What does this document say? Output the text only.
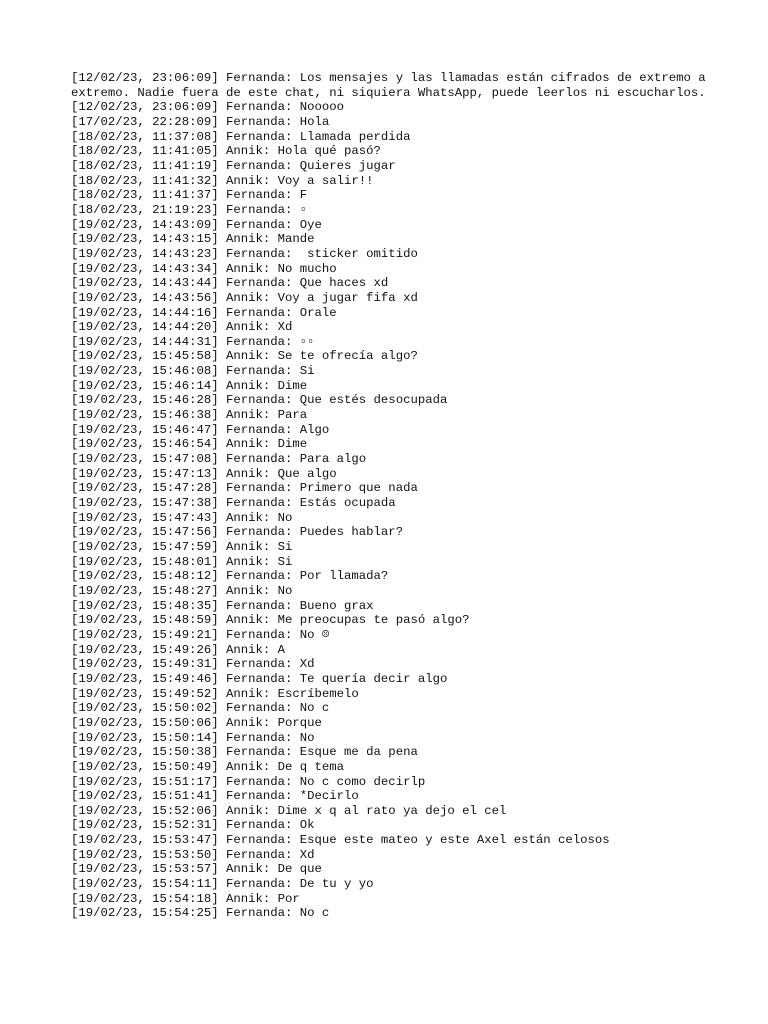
[12/02/23, 23:06:09] Fernanda: Los mensajes y las llamadas están cifrados de extremo a extremo. Nadie fuera de este chat, ni siquiera WhatsApp, puede leerlos ni escucharlos.
[12/02/23, 23:06:09] Fernanda: Nooooo
[17/02/23, 22:28:09] Fernanda: Hola
[18/02/23, 11:37:08] Fernanda: Llamada perdida
[18/02/23, 11:41:05] Annik: Hola qué pasó?
[18/02/23, 11:41:19] Fernanda: Quieres jugar
[18/02/23, 11:41:32] Annik: Voy a salir!!
[18/02/23, 11:41:37] Fernanda: F
[18/02/23, 21:19:23] Fernanda: ▫
[19/02/23, 14:43:09] Fernanda: Oye
[19/02/23, 14:43:15] Annik: Mande
[19/02/23, 14:43:23] Fernanda:  sticker omitido
[19/02/23, 14:43:34] Annik: No mucho
[19/02/23, 14:43:44] Fernanda: Que haces xd
[19/02/23, 14:43:56] Annik: Voy a jugar fifa xd
[19/02/23, 14:44:16] Fernanda: Orale
[19/02/23, 14:44:20] Annik: Xd
[19/02/23, 14:44:31] Fernanda: ▫▫
[19/02/23, 15:45:58] Annik: Se te ofrecía algo?
[19/02/23, 15:46:08] Fernanda: Si
[19/02/23, 15:46:14] Annik: Dime
[19/02/23, 15:46:28] Fernanda: Que estés desocupada
[19/02/23, 15:46:38] Annik: Para
[19/02/23, 15:46:47] Fernanda: Algo
[19/02/23, 15:46:54] Annik: Dime
[19/02/23, 15:47:08] Fernanda: Para algo
[19/02/23, 15:47:13] Annik: Que algo
[19/02/23, 15:47:28] Fernanda: Primero que nada
[19/02/23, 15:47:38] Fernanda: Estás ocupada
[19/02/23, 15:47:43] Annik: No
[19/02/23, 15:47:56] Fernanda: Puedes hablar?
[19/02/23, 15:47:59] Annik: Si
[19/02/23, 15:48:01] Annik: Si
[19/02/23, 15:48:12] Fernanda: Por llamada?
[19/02/23, 15:48:27] Annik: No
[19/02/23, 15:48:35] Fernanda: Bueno grax
[19/02/23, 15:48:59] Annik: Me preocupas te pasó algo?
[19/02/23, 15:49:21] Fernanda: No ☹
[19/02/23, 15:49:26] Annik: A
[19/02/23, 15:49:31] Fernanda: Xd
[19/02/23, 15:49:46] Fernanda: Te quería decir algo
[19/02/23, 15:49:52] Annik: Escríbemelo
[19/02/23, 15:50:02] Fernanda: No c
[19/02/23, 15:50:06] Annik: Porque
[19/02/23, 15:50:14] Fernanda: No
[19/02/23, 15:50:38] Fernanda: Esque me da pena
[19/02/23, 15:50:49] Annik: De q tema
[19/02/23, 15:51:17] Fernanda: No c como decirlp
[19/02/23, 15:51:41] Fernanda: *Decirlo
[19/02/23, 15:52:06] Annik: Dime x q al rato ya dejo el cel
[19/02/23, 15:52:31] Fernanda: Ok
[19/02/23, 15:53:47] Fernanda: Esque este mateo y este Axel están celosos
[19/02/23, 15:53:50] Fernanda: Xd
[19/02/23, 15:53:57] Annik: De que
[19/02/23, 15:54:11] Fernanda: De tu y yo
[19/02/23, 15:54:18] Annik: Por
[19/02/23, 15:54:25] Fernanda: No c
